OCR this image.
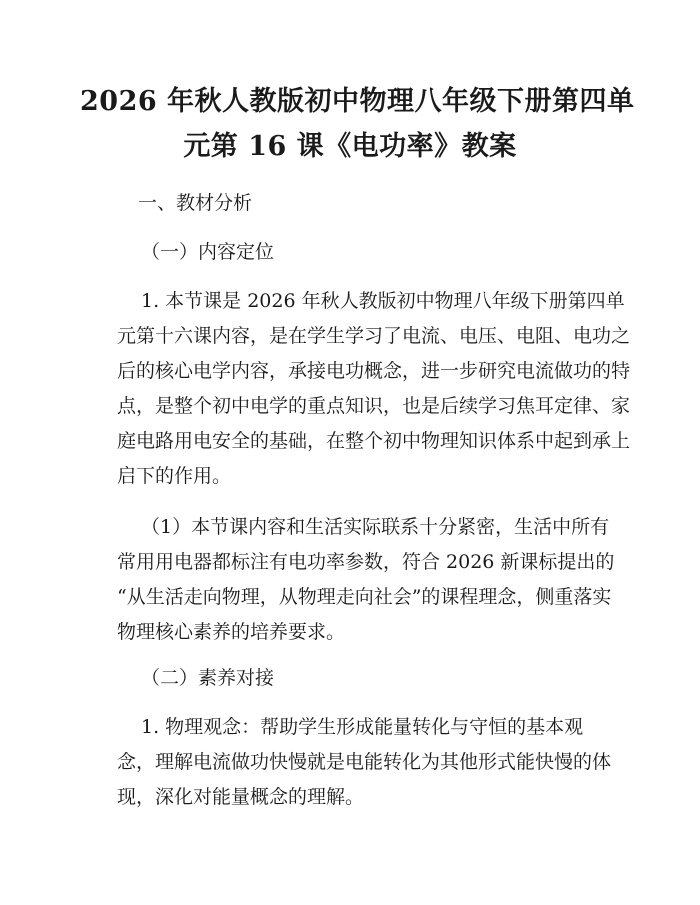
2026 年秋人教版初中物理八年级下册第四单
元第 16 课《电功率》教案
一、教材分析
（一）内容定位
1. 本节课是 2026 年秋人教版初中物理八年级下册第四单
元第十六课内容，是在学生学习了电流、电压、电阻、电功之
后的核心电学内容，承接电功概念，进一步研究电流做功的特
点，是整个初中电学的重点知识，也是后续学习焦耳定律、家
庭电路用电安全的基础，在整个初中物理知识体系中起到承上
启下的作用。
（1）本节课内容和生活实际联系十分紧密，生活中所有
常用用电器都标注有电功率参数，符合 2026 新课标提出的
“从生活走向物理，从物理走向社会”的课程理念，侧重落实
物理核心素养的培养要求。
（二）素养对接
1. 物理观念：帮助学生形成能量转化与守恒的基本观
念，理解电流做功快慢就是电能转化为其他形式能快慢的体
现，深化对能量概念的理解。
